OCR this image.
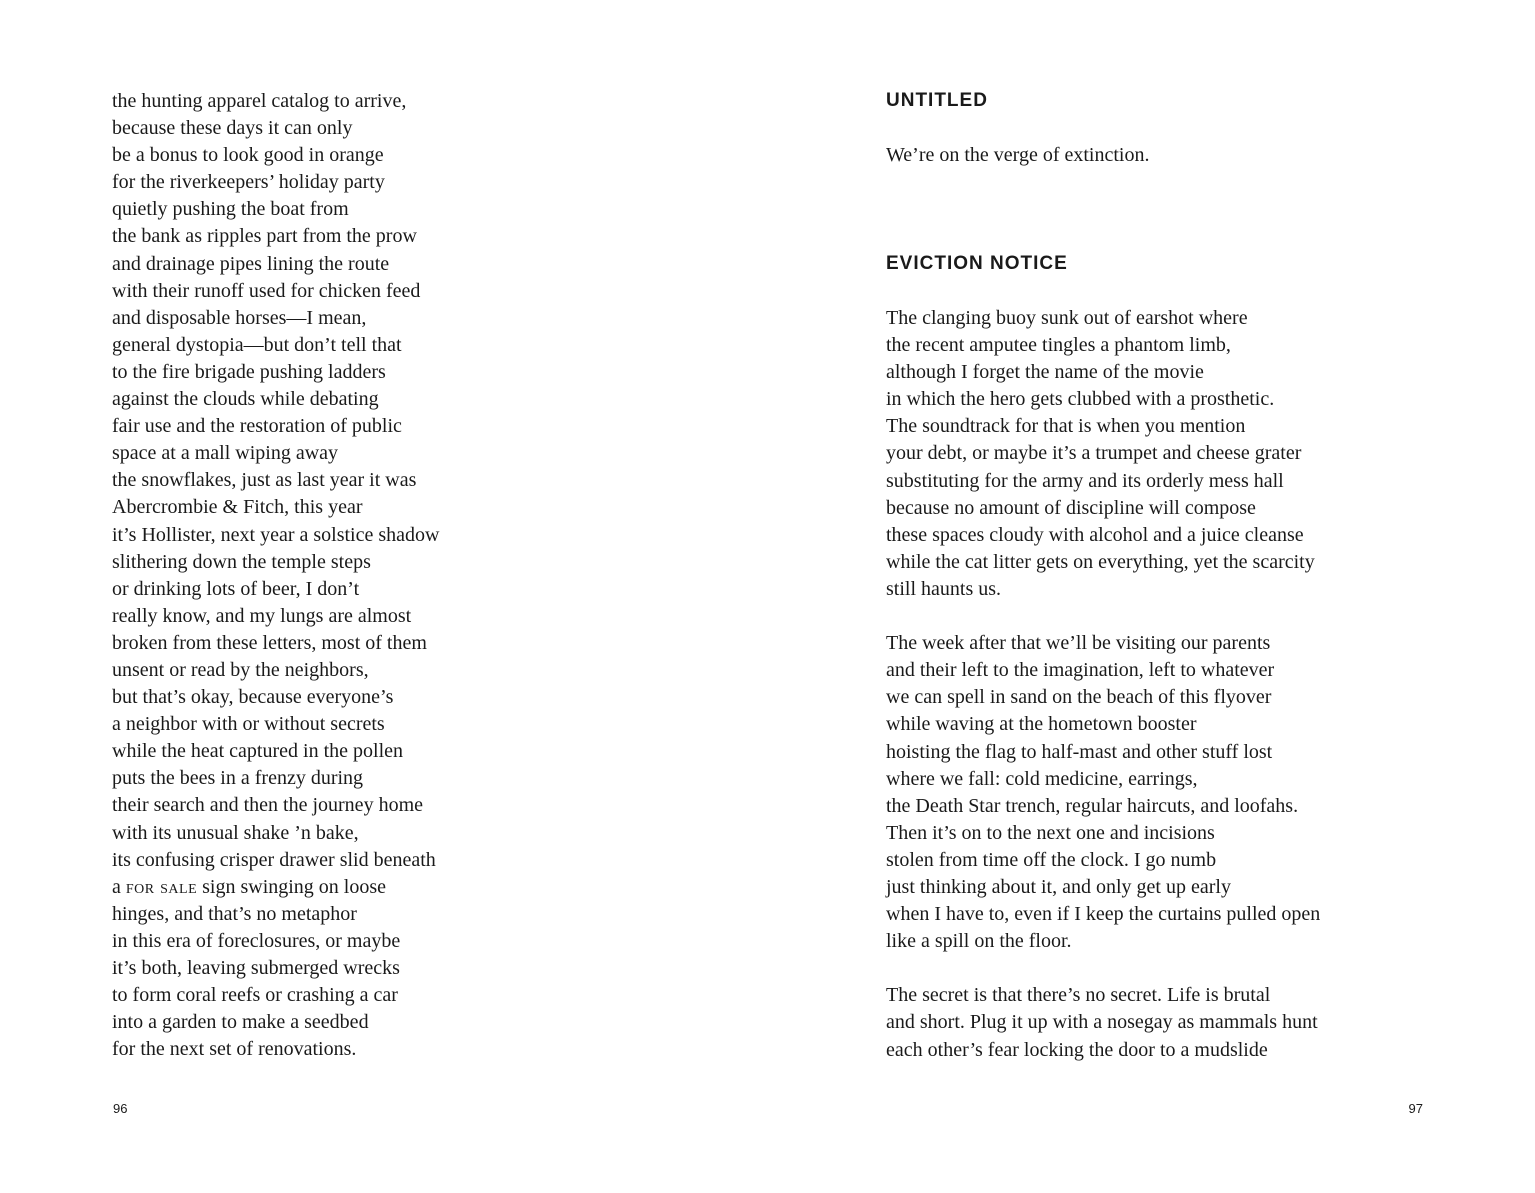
the hunting apparel catalog to arrive,
because these days it can only
be a bonus to look good in orange
for the riverkeepers’ holiday party
quietly pushing the boat from
the bank as ripples part from the prow
and drainage pipes lining the route
with their runoff used for chicken feed
and disposable horses—I mean,
general dystopia—but don’t tell that
to the fire brigade pushing ladders
against the clouds while debating
fair use and the restoration of public
space at a mall wiping away
the snowflakes, just as last year it was
Abercrombie & Fitch, this year
it’s Hollister, next year a solstice shadow
slithering down the temple steps
or drinking lots of beer, I don’t
really know, and my lungs are almost
broken from these letters, most of them
unsent or read by the neighbors,
but that’s okay, because everyone’s
a neighbor with or without secrets
while the heat captured in the pollen
puts the bees in a frenzy during
their search and then the journey home
with its unusual shake ’n bake,
its confusing crisper drawer slid beneath
a for sale sign swinging on loose
hinges, and that’s no metaphor
in this era of foreclosures, or maybe
it’s both, leaving submerged wrecks
to form coral reefs or crashing a car
into a garden to make a seedbed
for the next set of renovations.
96
UNTITLED
We’re on the verge of extinction.
EVICTION NOTICE
The clanging buoy sunk out of earshot where
the recent amputee tingles a phantom limb,
although I forget the name of the movie
in which the hero gets clubbed with a prosthetic.
The soundtrack for that is when you mention
your debt, or maybe it’s a trumpet and cheese grater
substituting for the army and its orderly mess hall
because no amount of discipline will compose
these spaces cloudy with alcohol and a juice cleanse
while the cat litter gets on everything, yet the scarcity
still haunts us.
The week after that we’ll be visiting our parents
and their left to the imagination, left to whatever
we can spell in sand on the beach of this flyover
while waving at the hometown booster
hoisting the flag to half-mast and other stuff lost
where we fall: cold medicine, earrings,
the Death Star trench, regular haircuts, and loofahs.
Then it’s on to the next one and incisions
stolen from time off the clock. I go numb
just thinking about it, and only get up early
when I have to, even if I keep the curtains pulled open
like a spill on the floor.
The secret is that there’s no secret. Life is brutal
and short. Plug it up with a nosegay as mammals hunt
each other’s fear locking the door to a mudslide
97
